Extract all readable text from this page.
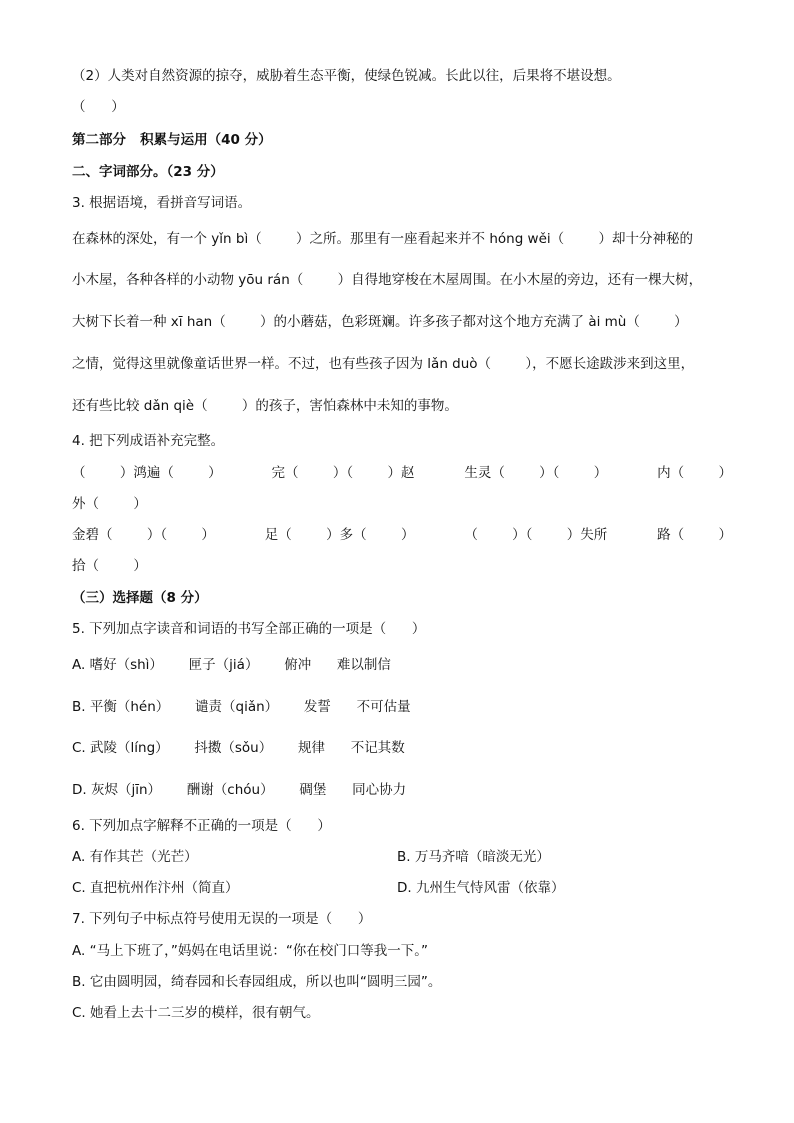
（2）人类对自然资源的掠夺，威胁着生态平衡，使绿色锐减。长此以往，后果将不堪设想。
（      ）
第二部分   积累与运用（40 分）
二、字词部分。（23 分）
3. 根据语境，看拼音写词语。
在森林的深处，有一个 yǐn bì（        ）之所。那里有一座看起来并不 hóng wěi（        ）却十分神秘的
小木屋，各种各样的小动物 yōu rán（        ）自得地穿梭在木屋周围。在小木屋的旁边，还有一棵大树，
大树下长着一种 xī han（        ）的小蘑菇，色彩斑斓。许多孩子都对这个地方充满了 ài mù（        ）
之情，觉得这里就像童话世界一样。不过，也有些孩子因为 lǎn duò（        ），不愿长途跋涉来到这里，
还有些比较 dǎn qiè（        ）的孩子，害怕森林中未知的事物。
4. 把下列成语补充完整。
（        ）鸿遍（        ）	完（        ）（        ）赵	生灵（        ）（        ）	内（        ）
外（        ）
金碧（        ）（        ）	足（        ）多（        ）	（        ）（        ）失所	路（        ）
拾（        ）
（三）选择题（8 分）
5. 下列加点字读音和词语的书写全部正确的一项是（      ）
A. 嗜好（shì）      匣子（jiá）      俯冲      难以制信
B. 平衡（hén）      谴责（qiǎn）      发誓      不可估量
C. 武陵（líng）      抖擞（sǒu）      规律      不记其数
D. 灰烬（jīn）      酬谢（chóu）      碉堡      同心协力
6. 下列加点字解释不正确的一项是（      ）
A. 有作其芒（光芒）	B. 万马齐喑（暗淡无光）
C. 直把杭州作汴州（简直）	D. 九州生气恃风雷（依靠）
7. 下列句子中标点符号使用无误的一项是（      ）
A. “马上下班了，”妈妈在电话里说：“你在校门口等我一下。”
B. 它由圆明园，绮春园和长春园组成，所以也叫“圆明三园”。
C. 她看上去十二三岁的模样，很有朝气。
